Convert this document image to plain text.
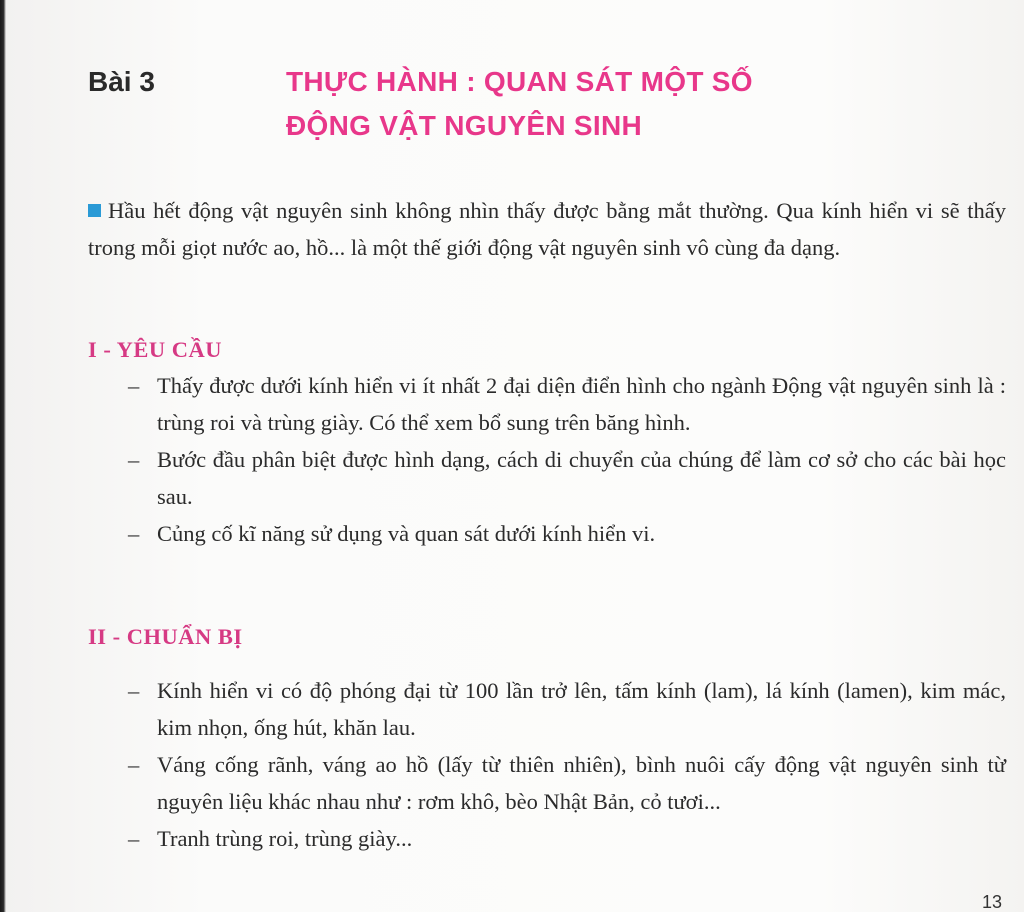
Bài 3	THỰC HÀNH : QUAN SÁT MỘT SỐ
ĐỘNG VẬT NGUYÊN SINH
Hầu hết động vật nguyên sinh không nhìn thấy được bằng mắt thường. Qua kính hiển vi sẽ thấy trong mỗi giọt nước ao, hồ... là một thế giới động vật nguyên sinh vô cùng đa dạng.
I - YÊU CẦU
– Thấy được dưới kính hiển vi ít nhất 2 đại diện điển hình cho ngành Động vật nguyên sinh là : trùng roi và trùng giày. Có thể xem bổ sung trên băng hình.
– Bước đầu phân biệt được hình dạng, cách di chuyển của chúng để làm cơ sở cho các bài học sau.
– Củng cố kĩ năng sử dụng và quan sát dưới kính hiển vi.
II - CHUẨN BỊ
– Kính hiển vi có độ phóng đại từ 100 lần trở lên, tấm kính (lam), lá kính (lamen), kim mác, kim nhọn, ống hút, khăn lau.
– Váng cống rãnh, váng ao hồ (lấy từ thiên nhiên), bình nuôi cấy động vật nguyên sinh từ nguyên liệu khác nhau như : rơm khô, bèo Nhật Bản, cỏ tươi...
– Tranh trùng roi, trùng giày...
13
